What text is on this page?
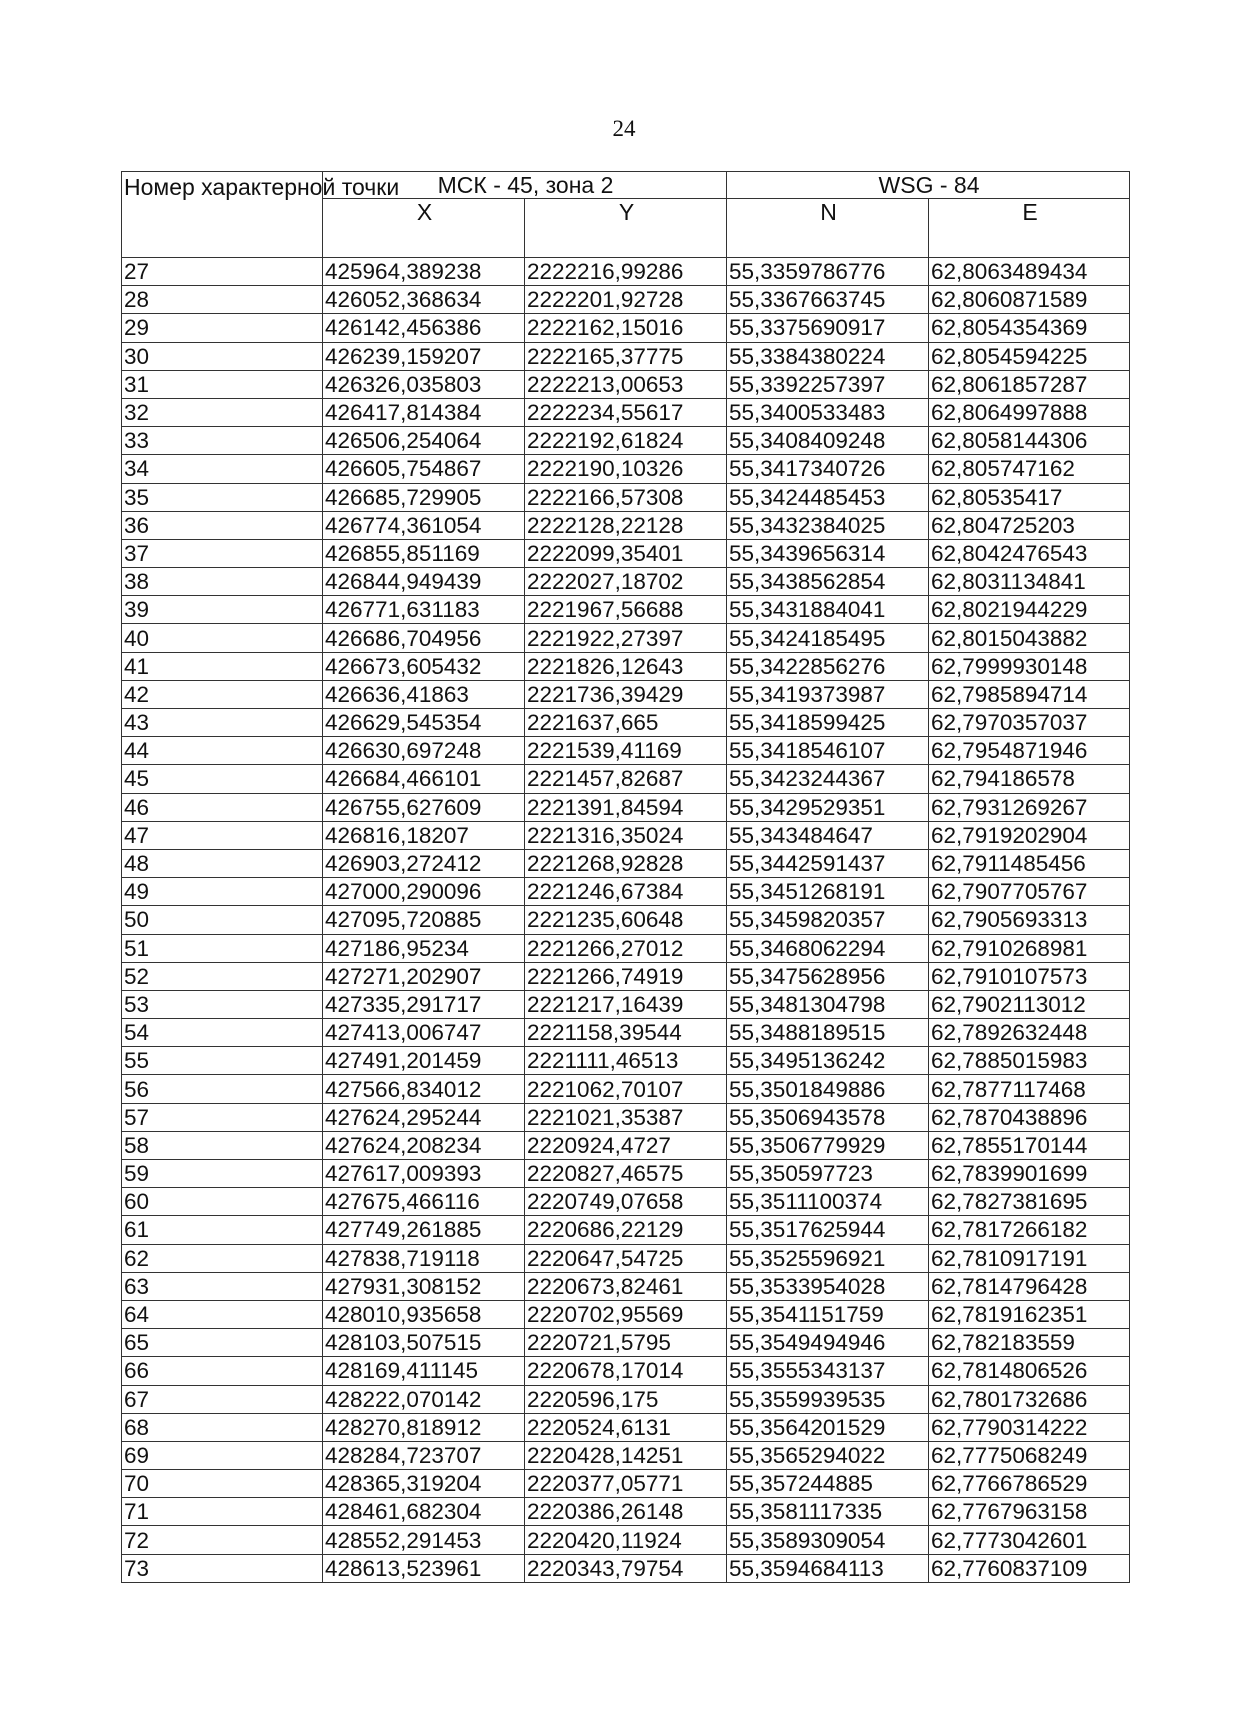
24
Номер характерной точки	МСК - 45, зона 2		WSG - 84	
	X	Y	N	E
27	425964,389238	2222216,99286	55,3359786776	62,8063489434
28	426052,368634	2222201,92728	55,3367663745	62,8060871589
29	426142,456386	2222162,15016	55,3375690917	62,8054354369
30	426239,159207	2222165,37775	55,3384380224	62,8054594225
31	426326,035803	2222213,00653	55,3392257397	62,8061857287
32	426417,814384	2222234,55617	55,3400533483	62,8064997888
33	426506,254064	2222192,61824	55,3408409248	62,8058144306
34	426605,754867	2222190,10326	55,3417340726	62,805747162
35	426685,729905	2222166,57308	55,3424485453	62,80535417
36	426774,361054	2222128,22128	55,3432384025	62,804725203
37	426855,851169	2222099,35401	55,3439656314	62,8042476543
38	426844,949439	2222027,18702	55,3438562854	62,8031134841
39	426771,631183	2221967,56688	55,3431884041	62,8021944229
40	426686,704956	2221922,27397	55,3424185495	62,8015043882
41	426673,605432	2221826,12643	55,3422856276	62,7999930148
42	426636,41863	2221736,39429	55,3419373987	62,7985894714
43	426629,545354	2221637,665	55,3418599425	62,7970357037
44	426630,697248	2221539,41169	55,3418546107	62,7954871946
45	426684,466101	2221457,82687	55,3423244367	62,794186578
46	426755,627609	2221391,84594	55,3429529351	62,7931269267
47	426816,18207	2221316,35024	55,343484647	62,7919202904
48	426903,272412	2221268,92828	55,3442591437	62,7911485456
49	427000,290096	2221246,67384	55,3451268191	62,7907705767
50	427095,720885	2221235,60648	55,3459820357	62,7905693313
51	427186,95234	2221266,27012	55,3468062294	62,7910268981
52	427271,202907	2221266,74919	55,3475628956	62,7910107573
53	427335,291717	2221217,16439	55,3481304798	62,7902113012
54	427413,006747	2221158,39544	55,3488189515	62,7892632448
55	427491,201459	2221111,46513	55,3495136242	62,7885015983
56	427566,834012	2221062,70107	55,3501849886	62,7877117468
57	427624,295244	2221021,35387	55,3506943578	62,7870438896
58	427624,208234	2220924,4727	55,3506779929	62,7855170144
59	427617,009393	2220827,46575	55,350597723	62,7839901699
60	427675,466116	2220749,07658	55,3511100374	62,7827381695
61	427749,261885	2220686,22129	55,3517625944	62,7817266182
62	427838,719118	2220647,54725	55,3525596921	62,7810917191
63	427931,308152	2220673,82461	55,3533954028	62,7814796428
64	428010,935658	2220702,95569	55,3541151759	62,7819162351
65	428103,507515	2220721,5795	55,3549494946	62,782183559
66	428169,411145	2220678,17014	55,3555343137	62,7814806526
67	428222,070142	2220596,175	55,3559939535	62,7801732686
68	428270,818912	2220524,6131	55,3564201529	62,7790314222
69	428284,723707	2220428,14251	55,3565294022	62,7775068249
70	428365,319204	2220377,05771	55,357244885	62,7766786529
71	428461,682304	2220386,26148	55,3581117335	62,7767963158
72	428552,291453	2220420,11924	55,3589309054	62,7773042601
73	428613,523961	2220343,79754	55,3594684113	62,7760837109
